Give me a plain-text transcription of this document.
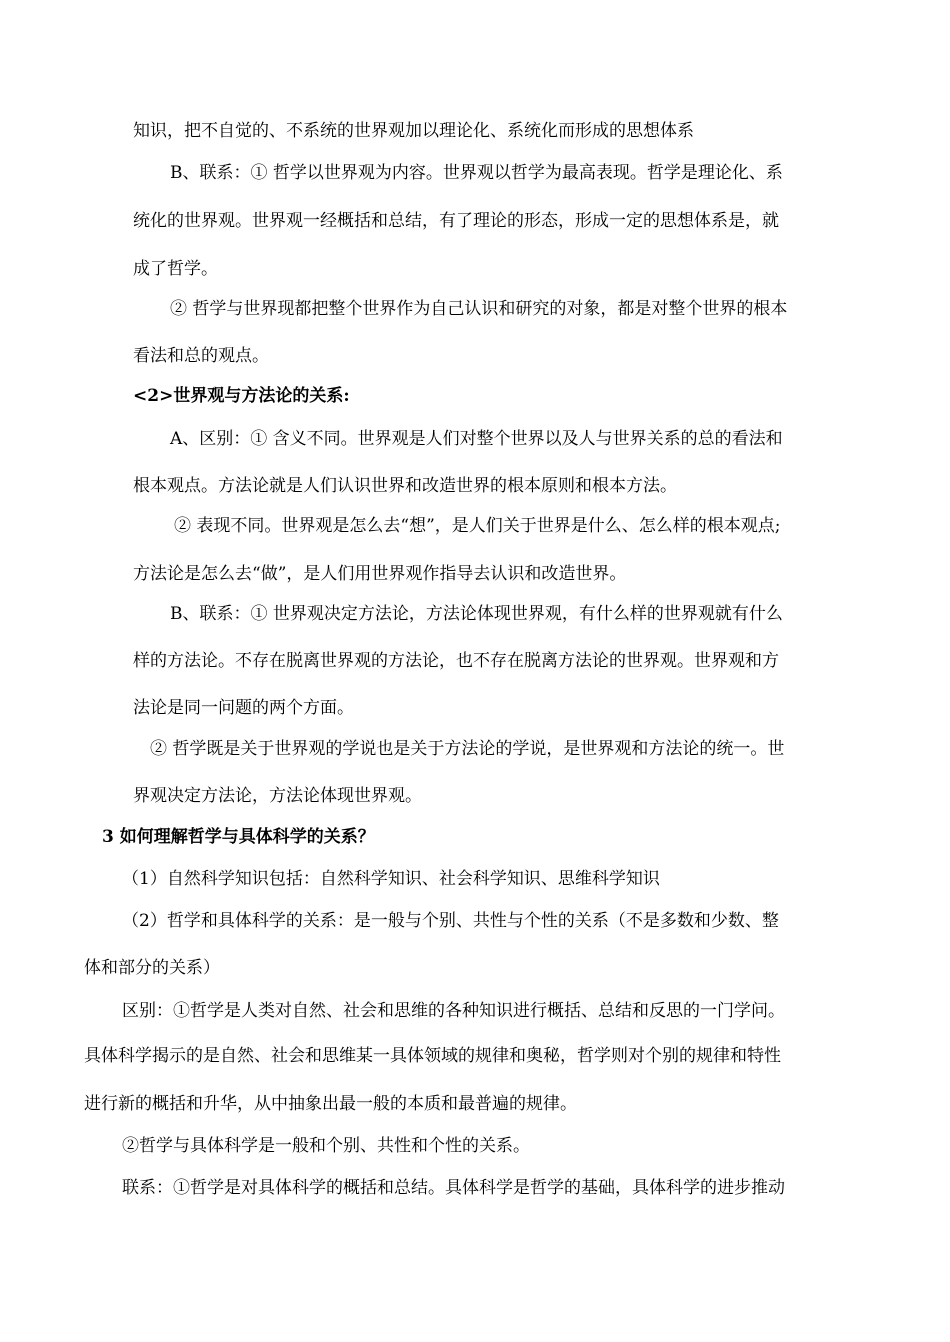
知识，把不自觉的、不系统的世界观加以理论化、系统化而形成的思想体系
B、联系：① 哲学以世界观为内容。世界观以哲学为最高表现。哲学是理论化、系
统化的世界观。世界观一经概括和总结，有了理论的形态，形成一定的思想体系是，就
成了哲学。
② 哲学与世界现都把整个世界作为自己认识和研究的对象，都是对整个世界的根本
看法和总的观点。
<2>世界观与方法论的关系:
A、区别：① 含义不同。世界观是人们对整个世界以及人与世界关系的总的看法和
根本观点。方法论就是人们认识世界和改造世界的根本原则和根本方法。
② 表现不同。世界观是怎么去“想”，是人们关于世界是什么、怎么样的根本观点;
方法论是怎么去“做”，是人们用世界观作指导去认识和改造世界。
B、联系：① 世界观决定方法论，方法论体现世界观，有什么样的世界观就有什么
样的方法论。不存在脱离世界观的方法论，也不存在脱离方法论的世界观。世界观和方
法论是同一问题的两个方面。
② 哲学既是关于世界观的学说也是关于方法论的学说，是世界观和方法论的统一。世
界观决定方法论，方法论体现世界观。
3 如何理解哲学与具体科学的关系？
（1）自然科学知识包括：自然科学知识、社会科学知识、思维科学知识
（2）哲学和具体科学的关系：是一般与个别、共性与个性的关系（不是多数和少数、整
体和部分的关系）
区别：①哲学是人类对自然、社会和思维的各种知识进行概括、总结和反思的一门学问。
具体科学揭示的是自然、社会和思维某一具体领域的规律和奥秘，哲学则对个别的规律和特性
进行新的概括和升华，从中抽象出最一般的本质和最普遍的规律。
②哲学与具体科学是一般和个别、共性和个性的关系。
联系：①哲学是对具体科学的概括和总结。具体科学是哲学的基础，具体科学的进步推动
